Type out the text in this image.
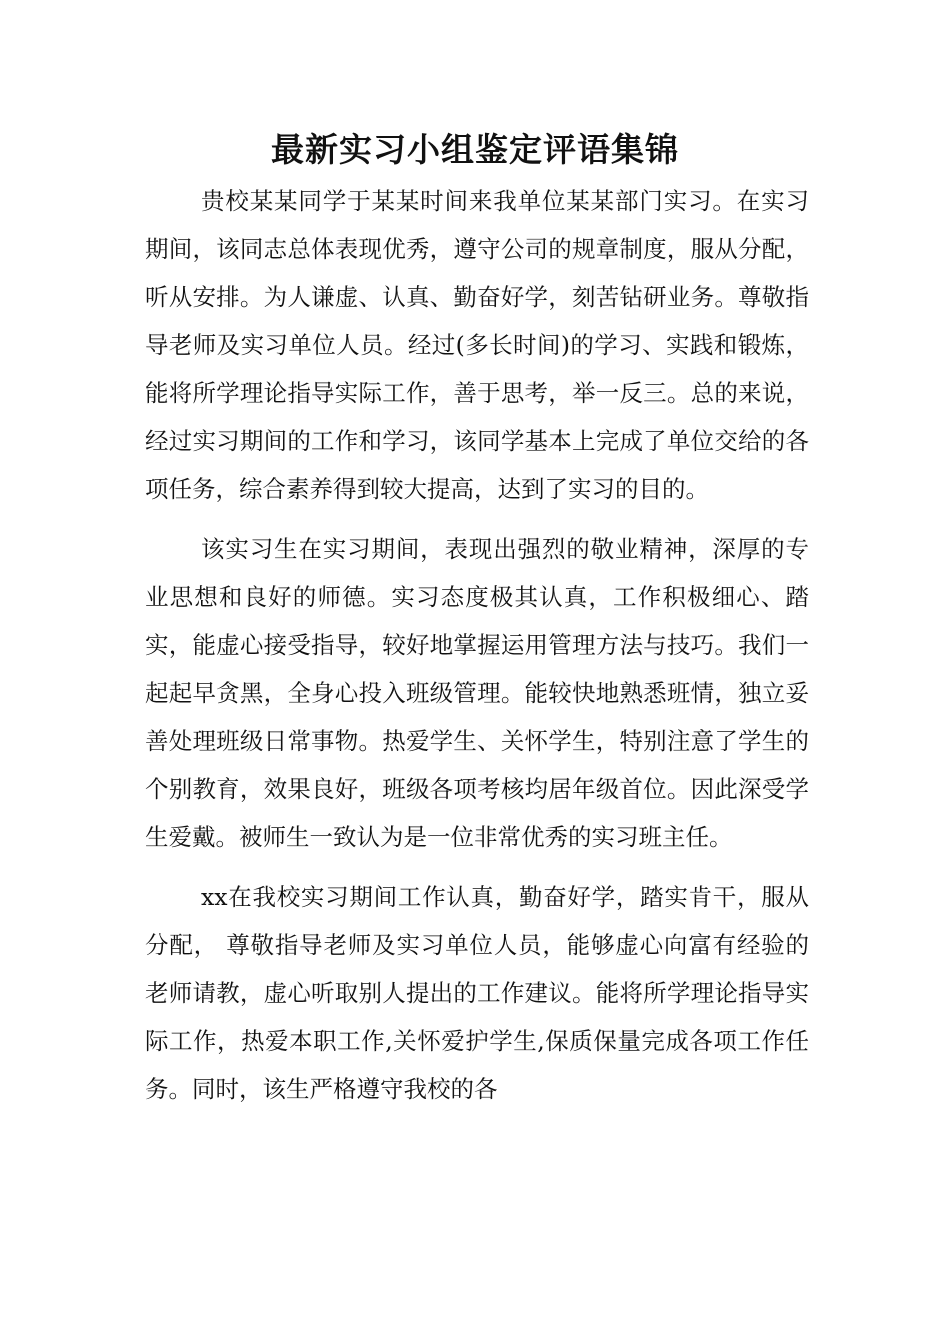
最新实习小组鉴定评语集锦

贵校某某同学于某某时间来我单位某某部门实习。在实习期间，该同志总体表现优秀，遵守公司的规章制度，服从分配，听从安排。为人谦虚、认真、勤奋好学，刻苦钻研业务。尊敬指导老师及实习单位人员。经过(多长时间)的学习、实践和锻炼，能将所学理论指导实际工作，善于思考，举一反三。总的来说，经过实习期间的工作和学习，该同学基本上完成了单位交给的各项任务，综合素养得到较大提高，达到了实习的目的。

该实习生在实习期间，表现出强烈的敬业精神，深厚的专业思想和良好的师德。实习态度极其认真，工作积极细心、踏实，能虚心接受指导，较好地掌握运用管理方法与技巧。我们一起起早贪黑，全身心投入班级管理。能较快地熟悉班情，独立妥善处理班级日常事物。热爱学生、关怀学生，特别注意了学生的个别教育，效果良好，班级各项考核均居年级首位。因此深受学生爱戴。被师生一致认为是一位非常优秀的实习班主任。

xx在我校实习期间工作认真，勤奋好学，踏实肯干，服从分配， 尊敬指导老师及实习单位人员，能够虚心向富有经验的老师请教，虚心听取别人提出的工作建议。能将所学理论指导实际工作，热爱本职工作,关怀爱护学生,保质保量完成各项工作任务。同时，该生严格遵守我校的各
